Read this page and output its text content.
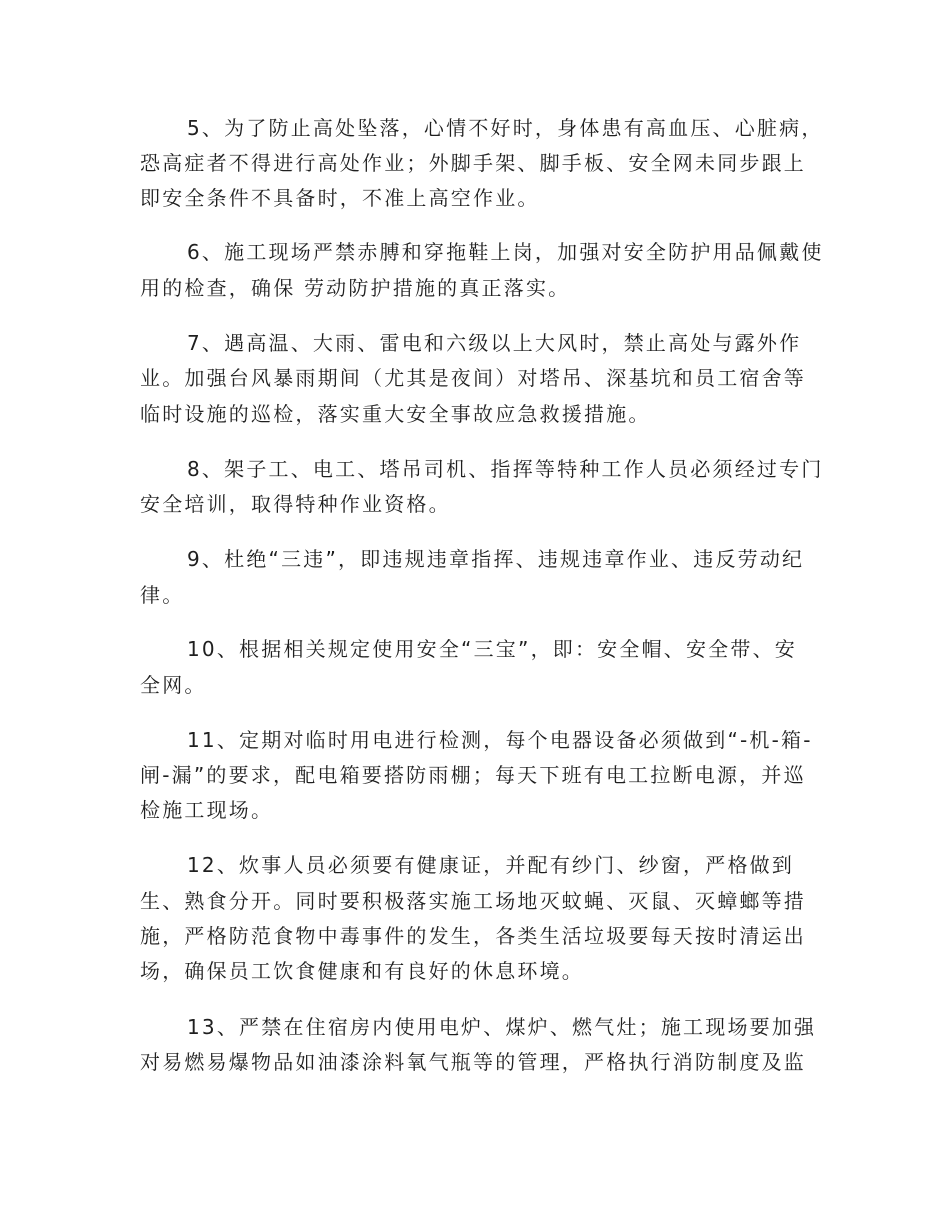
5、为了防止高处坠落，心情不好时，身体患有高血压、心脏病，
恐高症者不得进行高处作业；外脚手架、脚手板、安全网未同步跟上
即安全条件不具备时，不准上高空作业。
6、施工现场严禁赤膊和穿拖鞋上岗，加强对安全防护用品佩戴使
用的检查，确保 劳动防护措施的真正落实。
7、遇高温、大雨、雷电和六级以上大风时，禁止高处与露外作
业。加强台风暴雨期间（尤其是夜间）对塔吊、深基坑和员工宿舍等
临时设施的巡检，落实重大安全事故应急救援措施。
8、架子工、电工、塔吊司机、指挥等特种工作人员必须经过专门
安全培训，取得特种作业资格。
9、杜绝“三违”，即违规违章指挥、违规违章作业、违反劳动纪
律。
10、根据相关规定使用安全“三宝”，即：安全帽、安全带、安
全网。
11、定期对临时用电进行检测，每个电器设备必须做到“-机-箱-
闸-漏”的要求，配电箱要搭防雨棚；每天下班有电工拉断电源，并巡
检施工现场。
12、炊事人员必须要有健康证，并配有纱门、纱窗，严格做到
生、熟食分开。同时要积极落实施工场地灭蚊蝇、灭鼠、灭蟑螂等措
施，严格防范食物中毒事件的发生，各类生活垃圾要每天按时清运出
场，确保员工饮食健康和有良好的休息环境。
13、严禁在住宿房内使用电炉、煤炉、燃气灶；施工现场要加强
对易燃易爆物品如油漆涂料氧气瓶等的管理，严格执行消防制度及监
